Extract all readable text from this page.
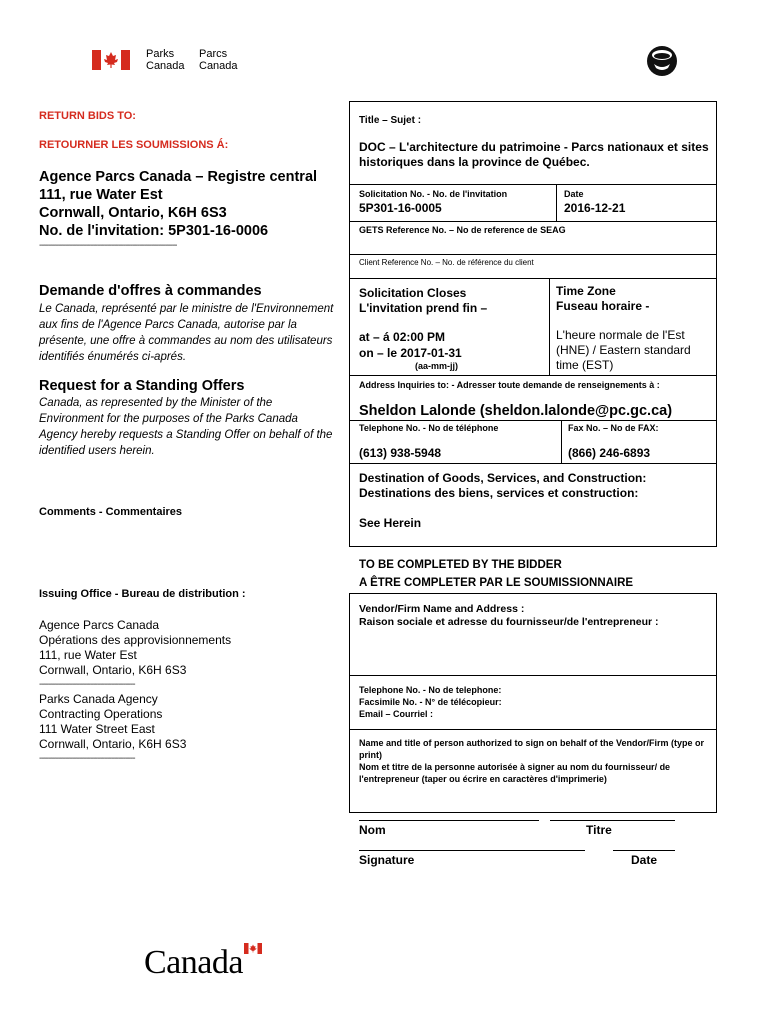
Parks
Canada
Parcs
Canada
RETURN BIDS TO:
RETOURNER LES SOUMISSIONS Á:
Agence Parcs Canada – Registre central
111, rue Water Est
Cornwall, Ontario, K6H 6S3
No. de l'invitation: 5P301-16-0006
-----------------------------------------------------------
Demande d'offres à commandes
Le Canada, représenté par le ministre de l'Environnement aux fins de l'Agence Parcs Canada, autorise par la présente, une offre à commandes au nom des utilisateurs identifiés énumérés ci-aprés.
Request for a Standing Offers
Canada, as represented by the Minister of the Environment for the purposes of the Parks Canada Agency hereby requests a Standing Offer on behalf of the identified users herein.
Comments - Commentaires
Issuing Office - Bureau de distribution :
Agence Parcs Canada
Opérations des approvisionnements
111, rue Water Est
Cornwall, Ontario, K6H 6S3
-----------------------------------------
Parks Canada Agency
Contracting Operations
111 Water Street East
Cornwall, Ontario, K6H 6S3
-----------------------------------------
Title – Sujet :
DOC – L'architecture du patrimoine - Parcs nationaux et sites historiques dans la province de Québec.
Solicitation No. - No. de l'invitation
5P301-16-0005
Date
2016-12-21
GETS Reference No. – No de reference de SEAG
Client Reference No. – No. de référence du client
Solicitation Closes
L'invitation prend fin –
at – á 02:00 PM
on – le 2017-01-31
(aa-mm-jj)
Time Zone
Fuseau horaire -
L'heure normale de l'Est (HNE) / Eastern standard time (EST)
Address Inquiries to: - Adresser toute demande de renseignements à :
Sheldon Lalonde (sheldon.lalonde@pc.gc.ca)
Telephone No. - No de téléphone	Fax No. – No de FAX:
(613) 938-5948	(866) 246-6893
Destination of Goods, Services, and Construction:
Destinations des biens, services et construction:
See Herein
TO BE COMPLETED BY THE BIDDER
A ÊTRE COMPLETER PAR LE SOUMISSIONNAIRE
Vendor/Firm Name and Address :
Raison sociale et adresse du fournisseur/de l'entrepreneur :
Telephone No. - No de telephone:
Facsimile No. - N° de télécopieur:
Email – Courriel :
Name and title of person authorized to sign on behalf of the Vendor/Firm (type or print)
Nom et titre de la personne autorisée à signer au nom du fournisseur/ de l'entrepreneur (taper ou écrire en caractères d'imprimerie)
Nom	Titre
Signature	Date
Canada
